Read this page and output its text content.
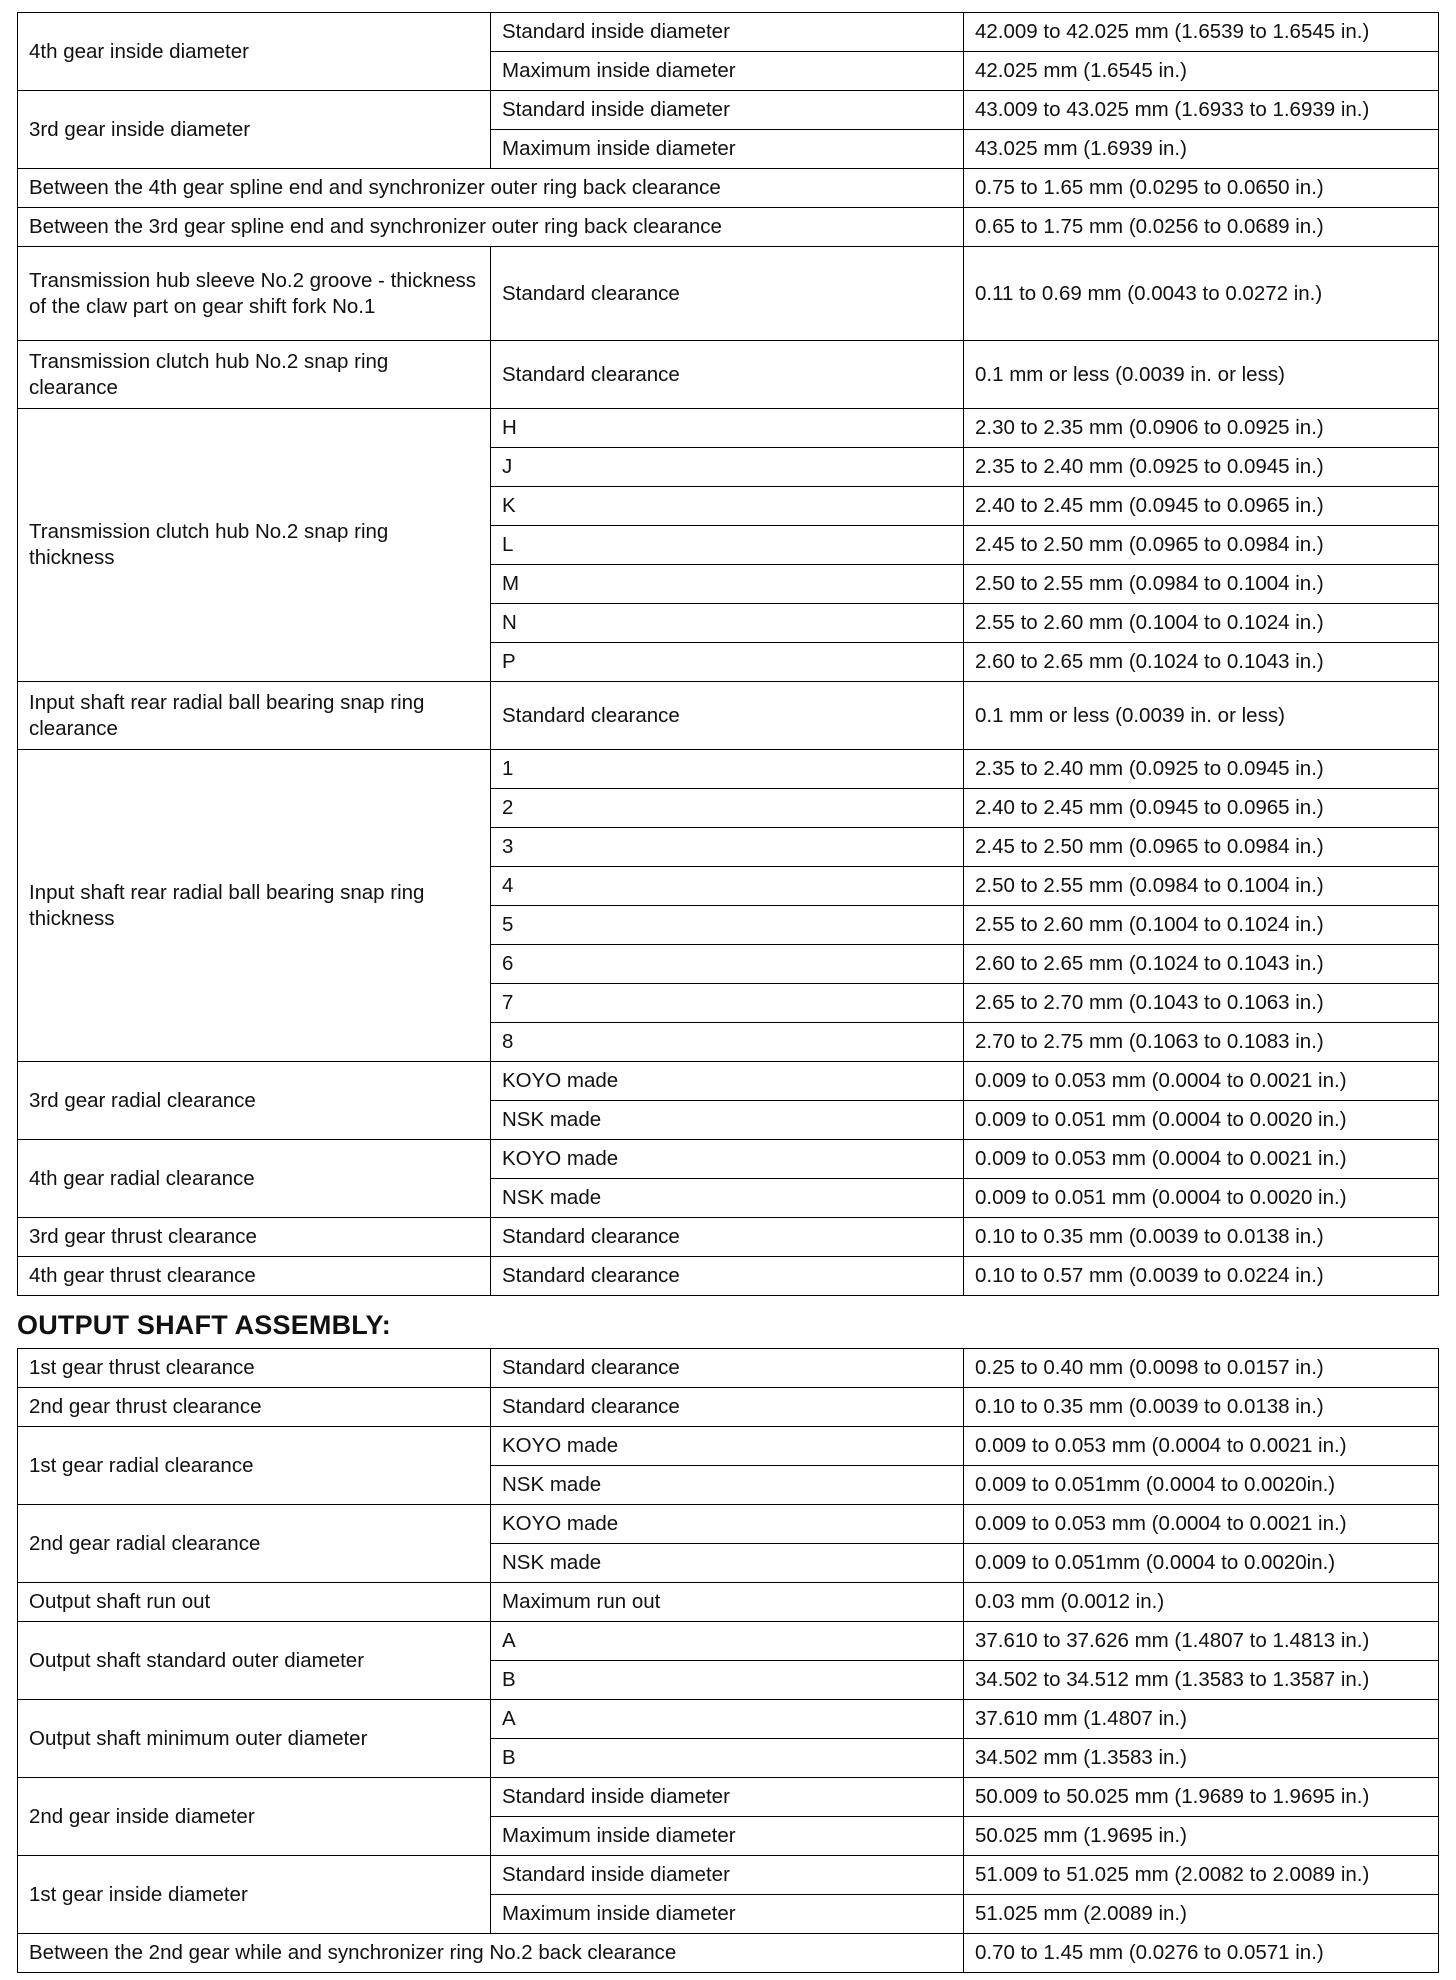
4th gear inside diameter	Standard inside diameter	42.009 to 42.025 mm (1.6539 to 1.6545 in.)
	Maximum inside diameter	42.025 mm (1.6545 in.)
3rd gear inside diameter	Standard inside diameter	43.009 to 43.025 mm (1.6933 to 1.6939 in.)
	Maximum inside diameter	43.025 mm (1.6939 in.)
Between the 4th gear spline end and synchronizer outer ring back clearance		0.75 to 1.65 mm (0.0295 to 0.0650 in.)
Between the 3rd gear spline end and synchronizer outer ring back clearance		0.65 to 1.75 mm (0.0256 to 0.0689 in.)
Transmission hub sleeve No.2 groove - thickness of the claw part on gear shift fork No.1	Standard clearance	0.11 to 0.69 mm (0.0043 to 0.0272 in.)
Transmission clutch hub No.2 snap ring clearance	Standard clearance	0.1 mm or less (0.0039 in. or less)
Transmission clutch hub No.2 snap ring thickness	H	2.30 to 2.35 mm (0.0906 to 0.0925 in.)
	J	2.35 to 2.40 mm (0.0925 to 0.0945 in.)
	K	2.40 to 2.45 mm (0.0945 to 0.0965 in.)
	L	2.45 to 2.50 mm (0.0965 to 0.0984 in.)
	M	2.50 to 2.55 mm (0.0984 to 0.1004 in.)
	N	2.55 to 2.60 mm (0.1004 to 0.1024 in.)
	P	2.60 to 2.65 mm (0.1024 to 0.1043 in.)
Input shaft rear radial ball bearing snap ring clearance	Standard clearance	0.1 mm or less (0.0039 in. or less)
Input shaft rear radial ball bearing snap ring thickness	1	2.35 to 2.40 mm (0.0925 to 0.0945 in.)
	2	2.40 to 2.45 mm (0.0945 to 0.0965 in.)
	3	2.45 to 2.50 mm (0.0965 to 0.0984 in.)
	4	2.50 to 2.55 mm (0.0984 to 0.1004 in.)
	5	2.55 to 2.60 mm (0.1004 to 0.1024 in.)
	6	2.60 to 2.65 mm (0.1024 to 0.1043 in.)
	7	2.65 to 2.70 mm (0.1043 to 0.1063 in.)
	8	2.70 to 2.75 mm (0.1063 to 0.1083 in.)
3rd gear radial clearance	KOYO made	0.009 to 0.053 mm (0.0004 to 0.0021 in.)
	NSK made	0.009 to 0.051 mm (0.0004 to 0.0020 in.)
4th gear radial clearance	KOYO made	0.009 to 0.053 mm (0.0004 to 0.0021 in.)
	NSK made	0.009 to 0.051 mm (0.0004 to 0.0020 in.)
3rd gear thrust clearance	Standard clearance	0.10 to 0.35 mm (0.0039 to 0.0138 in.)
4th gear thrust clearance	Standard clearance	0.10 to 0.57 mm (0.0039 to 0.0224 in.)
OUTPUT SHAFT ASSEMBLY:
1st gear thrust clearance	Standard clearance	0.25 to 0.40 mm (0.0098 to 0.0157 in.)
2nd gear thrust clearance	Standard clearance	0.10 to 0.35 mm (0.0039 to 0.0138 in.)
1st gear radial clearance	KOYO made	0.009 to 0.053 mm (0.0004 to 0.0021 in.)
	NSK made	0.009 to 0.051mm (0.0004 to 0.0020in.)
2nd gear radial clearance	KOYO made	0.009 to 0.053 mm (0.0004 to 0.0021 in.)
	NSK made	0.009 to 0.051mm (0.0004 to 0.0020in.)
Output shaft run out	Maximum run out	0.03 mm (0.0012 in.)
Output shaft standard outer diameter	A	37.610 to 37.626 mm (1.4807 to 1.4813 in.)
	B	34.502 to 34.512 mm (1.3583 to 1.3587 in.)
Output shaft minimum outer diameter	A	37.610 mm (1.4807 in.)
	B	34.502 mm (1.3583 in.)
2nd gear inside diameter	Standard inside diameter	50.009 to 50.025 mm (1.9689 to 1.9695 in.)
	Maximum inside diameter	50.025 mm (1.9695 in.)
1st gear inside diameter	Standard inside diameter	51.009 to 51.025 mm (2.0082 to 2.0089 in.)
	Maximum inside diameter	51.025 mm (2.0089 in.)
Between the 2nd gear while and synchronizer ring No.2 back clearance		0.70 to 1.45 mm (0.0276 to 0.0571 in.)
